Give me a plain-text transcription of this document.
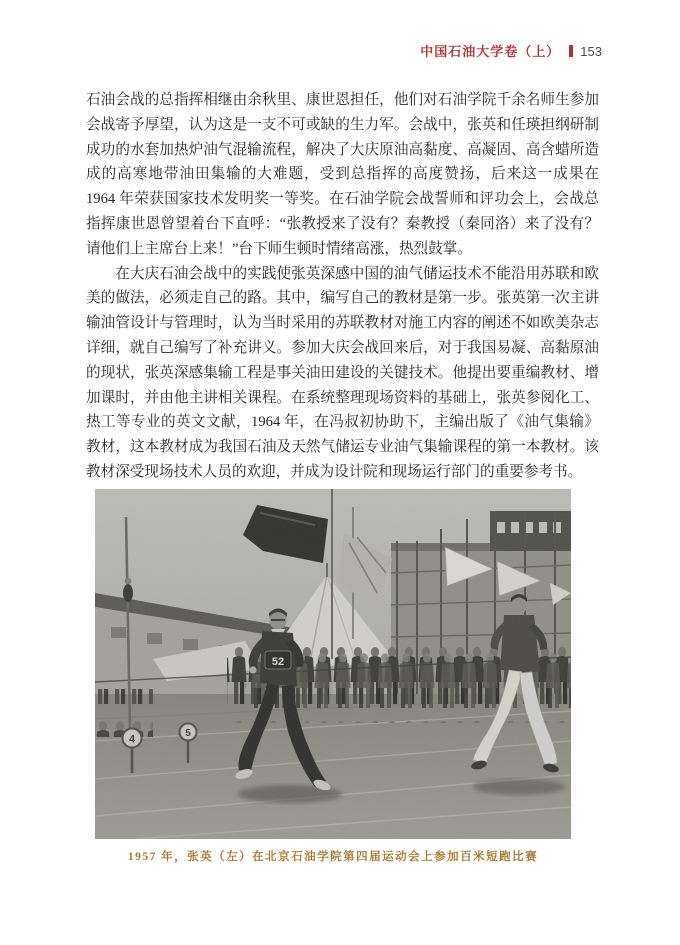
中国石油大学卷（上） 153

石油会战的总指挥相继由余秋里、康世恩担任，他们对石油学院千余名师生参加会战寄予厚望，认为这是一支不可或缺的生力军。会战中，张英和任瑛担纲研制成功的水套加热炉油气混输流程，解决了大庆原油高黏度、高凝固、高含蜡所造成的高寒地带油田集输的大难题，受到总指挥的高度赞扬，后来这一成果在 1964 年荣获国家技术发明奖一等奖。在石油学院会战誓师和评功会上，会战总指挥康世恩曾望着台下直呼：“张教授来了没有？秦教授（秦同洛）来了没有？请他们上主席台上来！”台下师生顿时情绪高涨，热烈鼓掌。

在大庆石油会战中的实践使张英深感中国的油气储运技术不能沿用苏联和欧美的做法，必须走自己的路。其中，编写自己的教材是第一步。张英第一次主讲输油管设计与管理时，认为当时采用的苏联教材对施工内容的阐述不如欧美杂志详细，就自己编写了补充讲义。参加大庆会战回来后，对于我国易凝、高黏原油的现状，张英深感集输工程是事关油田建设的关键技术。他提出要重编教材、增加课时，并由他主讲相关课程。在系统整理现场资料的基础上，张英参阅化工、热工等专业的英文文献，1964 年，在冯叔初协助下，主编出版了《油气集输》教材，这本教材成为我国石油及天然气储运专业油气集输课程的第一本教材。该教材深受现场技术人员的欢迎，并成为设计院和现场运行部门的重要参考书。

4	5
52
1957 年，张英（左）在北京石油学院第四届运动会上参加百米短跑比赛
